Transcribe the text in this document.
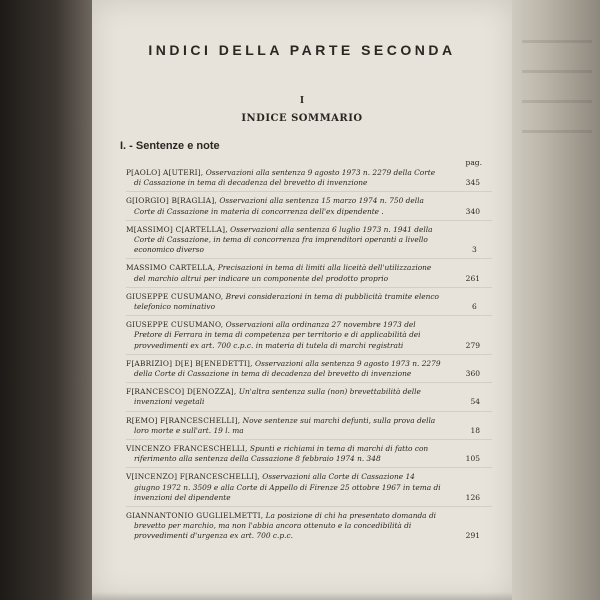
INDICI DELLA PARTE SECONDA
I
INDICE SOMMARIO
I. - Sentenze e note
pag.
P[AOLO] A[UTERI], Osservazioni alla sentenza 9 agosto 1973 n. 2279 della Corte di Cassazione in tema di decadenza del brevetto di invenzione	345
G[IORGIO] B[RAGLIA], Osservazioni alla sentenza 15 marzo 1974 n. 750 della Corte di Cassazione in materia di concorrenza dell'ex dipendente .	340
M[ASSIMO] C[ARTELLA], Osservazioni alla sentenza 6 luglio 1973 n. 1941 della Corte di Cassazione, in tema di concorrenza fra imprenditori operanti a livello economico diverso	3
MASSIMO CARTELLA, Precisazioni in tema di limiti alla liceità dell'utilizzazione del marchio altrui per indicare un componente del prodotto proprio	261
GIUSEPPE CUSUMANO, Brevi considerazioni in tema di pubblicità tramite elenco telefonico nominativo	6
GIUSEPPE CUSUMANO, Osservazioni alla ordinanza 27 novembre 1973 del Pretore di Ferrara in tema di competenza per territorio e di applicabilità dei provvedimenti ex art. 700 c.p.c. in materia di tutela di marchi registrati	279
F[ABRIZIO] D[E] B[ENEDETTI], Osservazioni alla sentenza 9 agosto 1973 n. 2279 della Corte di Cassazione in tema di decadenza del brevetto di invenzione	360
F[RANCESCO] D[ENOZZA], Un'altra sentenza sulla (non) brevettabilità delle invenzioni vegetali	54
R[EMO] F[RANCESCHELLI], Nove sentenze sui marchi defunti, sulla prova della loro morte e sull'art. 19 l. ma	18
VINCENZO FRANCESCHELLI, Spunti e richiami in tema di marchi di fatto con riferimento alla sentenza della Cassazione 8 febbraio 1974 n. 348	105
V[INCENZO] F[RANCESCHELLI], Osservazioni alla Corte di Cassazione 14 giugno 1972 n. 3509 e alla Corte di Appello di Firenze 25 ottobre 1967 in tema di invenzioni del dipendente	126
GIANNANTONIO GUGLIELMETTI, La posizione di chi ha presentato domanda di brevetto per marchio, ma non l'abbia ancora ottenuto e la concedibilità di provvedimenti d'urgenza ex art. 700 c.p.c.	291
